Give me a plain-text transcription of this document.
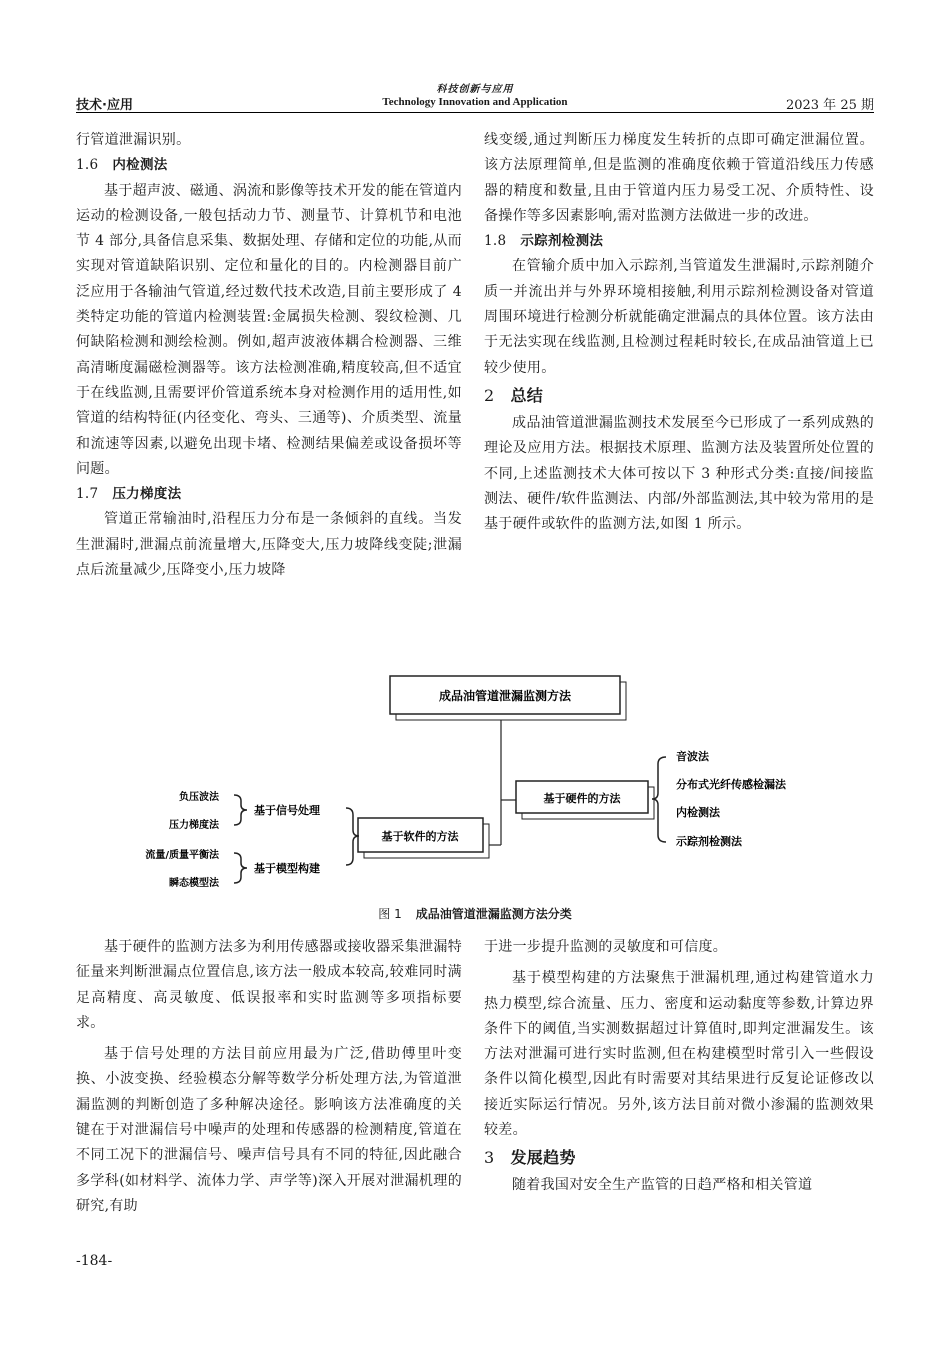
技术·应用
科技创新与应用
Technology Innovation and Application	2023 年 25 期

行管道泄漏识别。

1.6 内检测法

基于超声波、磁通、涡流和影像等技术开发的能在管道内运动的检测设备,一般包括动力节、测量节、计算机节和电池节 4 部分,具备信息采集、数据处理、存储和定位的功能,从而实现对管道缺陷识别、定位和量化的目的。内检测器目前广泛应用于各输油气管道,经过数代技术改造,目前主要形成了 4 类特定功能的管道内检测装置:金属损失检测、裂纹检测、几何缺陷检测和测绘检测。例如,超声波液体耦合检测器、三维高清晰度漏磁检测器等。该方法检测准确,精度较高,但不适宜于在线监测,且需要评价管道系统本身对检测作用的适用性,如管道的结构特征(内径变化、弯头、三通等)、介质类型、流量和流速等因素,以避免出现卡堵、检测结果偏差或设备损坏等问题。

1.7 压力梯度法

管道正常输油时,沿程压力分布是一条倾斜的直线。当发生泄漏时,泄漏点前流量增大,压降变大,压力坡降线变陡;泄漏点后流量减少,压降变小,压力坡降

线变缓,通过判断压力梯度发生转折的点即可确定泄漏位置。该方法原理简单,但是监测的准确度依赖于管道沿线压力传感器的精度和数量,且由于管道内压力易受工况、介质特性、设备操作等多因素影响,需对监测方法做进一步的改进。

1.8 示踪剂检测法

在管输介质中加入示踪剂,当管道发生泄漏时,示踪剂随介质一并流出并与外界环境相接触,利用示踪剂检测设备对管道周围环境进行检测分析就能确定泄漏点的具体位置。该方法由于无法实现在线监测,且检测过程耗时较长,在成品油管道上已较少使用。

2 总结

成品油管道泄漏监测技术发展至今已形成了一系列成熟的理论及应用方法。根据技术原理、监测方法及装置所处位置的不同,上述监测技术大体可按以下 3 种形式分类:直接/间接监测法、硬件/软件监测法、内部/外部监测法,其中较为常用的是基于硬件或软件的监测方法,如图 1 所示。

成品油管道泄漏监测方法
基于硬件的方法
音波法
分布式光纤传感检漏法
内检测法
示踪剂检测法
基于软件的方法
基于信号处理
基于模型构建
负压波法
压力梯度法
流量/质量平衡法
瞬态模型法
图 1 成品油管道泄漏监测方法分类

基于硬件的监测方法多为利用传感器或接收器采集泄漏特征量来判断泄漏点位置信息,该方法一般成本较高,较难同时满足高精度、高灵敏度、低误报率和实时监测等多项指标要求。

基于信号处理的方法目前应用最为广泛,借助傅里叶变换、小波变换、经验模态分解等数学分析处理方法,为管道泄漏监测的判断创造了多种解决途径。影响该方法准确度的关键在于对泄漏信号中噪声的处理和传感器的检测精度,管道在不同工况下的泄漏信号、噪声信号具有不同的特征,因此融合多学科(如材料学、流体力学、声学等)深入开展对泄漏机理的研究,有助

于进一步提升监测的灵敏度和可信度。

基于模型构建的方法聚焦于泄漏机理,通过构建管道水力热力模型,综合流量、压力、密度和运动黏度等参数,计算边界条件下的阈值,当实测数据超过计算值时,即判定泄漏发生。该方法对泄漏可进行实时监测,但在构建模型时常引入一些假设条件以简化模型,因此有时需要对其结果进行反复论证修改以接近实际运行情况。另外,该方法目前对微小渗漏的监测效果较差。

3 发展趋势

随着我国对安全生产监管的日趋严格和相关管道

-184-
